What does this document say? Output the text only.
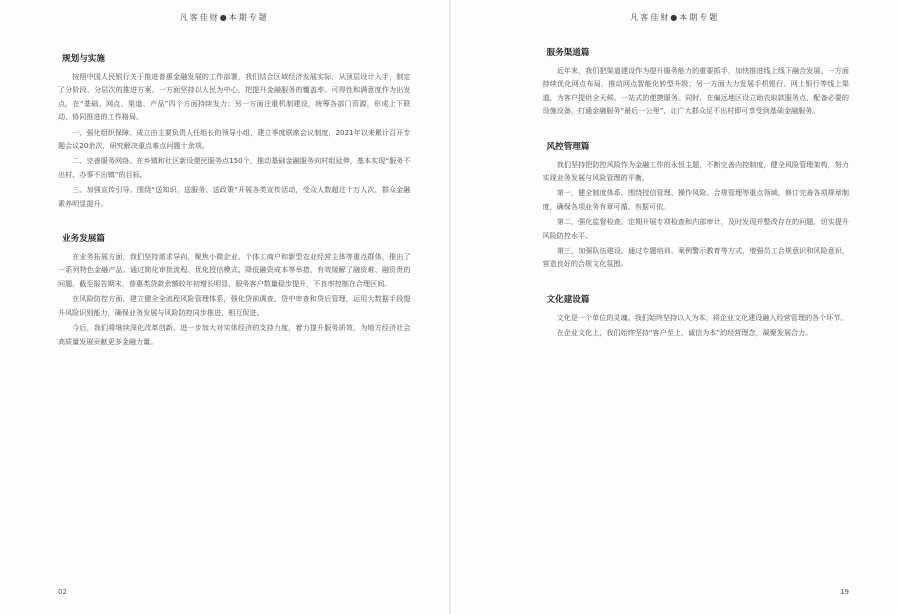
凡客佳财●本期专题
规划与实施

按照中国人民银行关于推进普惠金融发展的工作部署，我们结合区域经济发展实际，从顶层设计入手，制定了分阶段、分层次的推进方案。一方面坚持以人民为中心，把提升金融服务的覆盖率、可得性和满意度作为出发点，在“基础、网点、渠道、产品”四个方面持续发力；另一方面注重机制建设，统筹各部门资源，形成上下联动、协同推进的工作格局。

一、强化组织保障。成立由主要负责人任组长的领导小组，建立季度联席会议制度，2021年以来累计召开专题会议20余次，研究解决重点难点问题十余项。

二、完善服务网络。在乡镇和社区新设便民服务点150个，推动基础金融服务向村组延伸，基本实现“服务不出村、办事不出镇”的目标。

三、加强宣传引导。围绕“送知识、送服务、送政策”开展各类宣传活动，受众人数超过十万人次，群众金融素养明显提升。

业务发展篇

在业务拓展方面，我们坚持需求导向，聚焦小微企业、个体工商户和新型农业经营主体等重点群体，推出了一系列特色金融产品。通过简化审批流程、优化授信模式、降低融资成本等举措，有效缓解了融资难、融资贵的问题，截至报告期末，普惠类贷款余额较年初增长明显，服务客户数量稳步提升，不良率控制在合理区间。

在风险防控方面，建立健全全流程风险管理体系，强化贷前调查、贷中审查和贷后管理，运用大数据手段提升风险识别能力，确保业务发展与风险防控同步推进、相互促进。

今后，我们将继续深化改革创新，进一步加大对实体经济的支持力度，着力提升服务质效，为地方经济社会高质量发展贡献更多金融力量。

02
凡客佳财●本期专题
服务渠道篇

近年来，我们把渠道建设作为提升服务能力的重要抓手，加快推进线上线下融合发展。一方面持续优化网点布局，推动网点智能化转型升级；另一方面大力发展手机银行、网上银行等线上渠道，为客户提供全天候、一站式的便捷服务。同时，在偏远地区设立助农取款服务点，配备必要的设施设备，打通金融服务“最后一公里”，让广大群众足不出村即可享受到基础金融服务。

风控管理篇

我们坚持把防控风险作为金融工作的永恒主题，不断完善内控制度，健全风险管理架构，努力实现业务发展与风险管理的平衡。

第一，健全制度体系。围绕授信管理、操作风险、合规管理等重点领域，修订完善各项规章制度，确保各项业务有章可循、有据可依。

第二，强化监督检查。定期开展专项检查和内部审计，及时发现并整改存在的问题，切实提升风险防控水平。

第三，加强队伍建设。通过专题培训、案例警示教育等方式，增强员工合规意识和风险意识，营造良好的合规文化氛围。

文化建设篇

文化是一个单位的灵魂。我们始终坚持以人为本，将企业文化建设融入经营管理的各个环节。

在企业文化上，我们始终坚持“客户至上、诚信为本”的经营理念，凝聚发展合力。

19
